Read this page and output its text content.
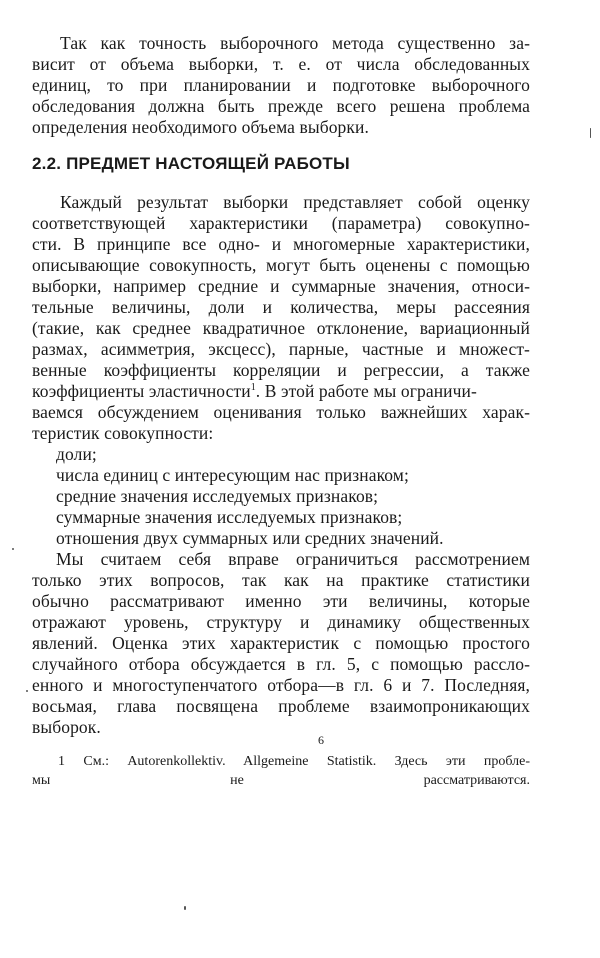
Так как точность выборочного метода существенно за-
висит от объема выборки, т. е. от числа обследованных
единиц, то при планировании и подготовке выборочного
обследования должна быть прежде всего решена проблема
определения необходимого объема выборки.
2.2. ПРЕДМЕТ НАСТОЯЩЕЙ РАБОТЫ
Каждый результат выборки представляет собой оценку
соответствующей характеристики (параметра) совокупно-
сти. В принципе все одно- и многомерные характеристики,
описывающие совокупность, могут быть оценены с помощью
выборки, например средние и суммарные значения, относи-
тельные величины, доли и количества, меры рассеяния
(такие, как среднее квадратичное отклонение, вариационный
размах, асимметрия, эксцесс), парные, частные и множест-
венные коэффициенты корреляции и регрессии, а также
коэффициенты эластичности$^1$. В этой работе мы ограничи-
ваемся обсуждением оценивания только важнейших харак-
теристик совокупности:
доли;
числа единиц с интересующим нас признаком;
средние значения исследуемых признаков;
суммарные значения исследуемых признаков;
отношения двух суммарных или средних значений.
Мы считаем себя вправе ограничиться рассмотрением
только этих вопросов, так как на практике статистики
обычно рассматривают именно эти величины, которые
отражают уровень, структуру и динамику общественных
явлений. Оценка этих характеристик с помощью простого
случайного отбора обсуждается в гл. 5, с помощью рассло-
енного и многоступенчатого отбора—в гл. 6 и 7. Последняя,
восьмая, глава посвящена проблеме взаимопроникающих
выборок.
6
1 См.: Autorenkollektiv. Allgemeine Statistik. Здесь эти пробле-
мы не рассматриваются.
